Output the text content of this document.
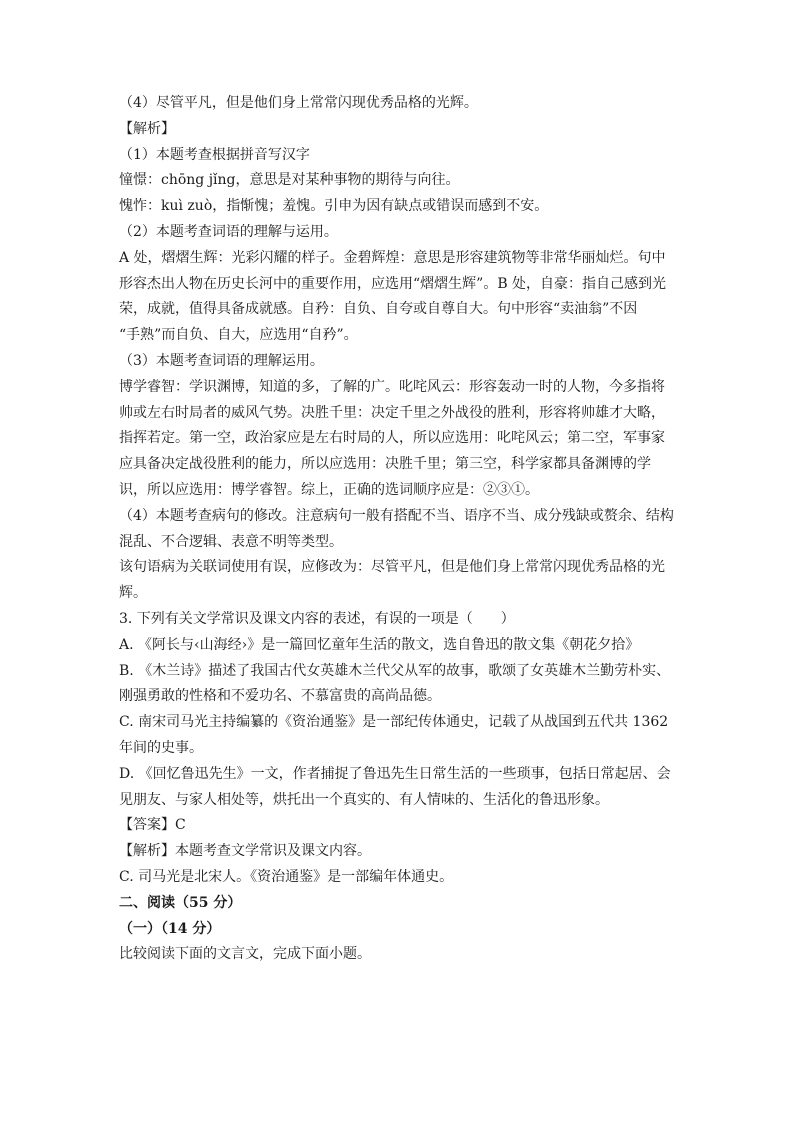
（4）尽管平凡，但是他们身上常常闪现优秀品格的光辉。
【解析】
（1）本题考查根据拼音写汉字
憧憬：chōng jǐng，意思是对某种事物的期待与向往。
愧怍：kuì zuò，指惭愧；羞愧。引申为因有缺点或错误而感到不安。
（2）本题考查词语的理解与运用。
A 处，熠熠生辉：光彩闪耀的样子。金碧辉煌：意思是形容建筑物等非常华丽灿烂。句中
形容杰出人物在历史长河中的重要作用，应选用“熠熠生辉”。B 处，自豪：指自己感到光
荣，成就，值得具备成就感。自矜：自负、自夸或自尊自大。句中形容“卖油翁”不因
“手熟”而自负、自大，应选用“自矜”。
（3）本题考查词语的理解运用。
博学睿智：学识渊博，知道的多，了解的广。叱咤风云：形容轰动一时的人物，今多指将
帅或左右时局者的威风气势。决胜千里：决定千里之外战役的胜利，形容将帅雄才大略，
指挥若定。第一空，政治家应是左右时局的人，所以应选用：叱咤风云；第二空，军事家
应具备决定战役胜利的能力，所以应选用：决胜千里；第三空，科学家都具备渊博的学
识，所以应选用：博学睿智。综上，正确的选词顺序应是：②③①。
（4）本题考查病句的修改。注意病句一般有搭配不当、语序不当、成分残缺或赘余、结构
混乱、不合逻辑、表意不明等类型。
该句语病为关联词使用有误，应修改为：尽管平凡，但是他们身上常常闪现优秀品格的光
辉。
3. 下列有关文学常识及课文内容的表述，有误的一项是（　　）
A. 《阿长与‹山海经›》是一篇回忆童年生活的散文，选自鲁迅的散文集《朝花夕拾》
B. 《木兰诗》描述了我国古代女英雄木兰代父从军的故事，歌颂了女英雄木兰勤劳朴实、
刚强勇敢的性格和不爱功名、不慕富贵的高尚品德。
C. 南宋司马光主持编纂的《资治通鉴》是一部纪传体通史，记载了从战国到五代共 1362
年间的史事。
D. 《回忆鲁迅先生》一文，作者捕捉了鲁迅先生日常生活的一些琐事，包括日常起居、会
见朋友、与家人相处等，烘托出一个真实的、有人情味的、生活化的鲁迅形象。
【答案】C
【解析】本题考查文学常识及课文内容。
C. 司马光是北宋人。《资治通鉴》是一部编年体通史。
二、阅读（55 分）
（一）（14 分）
比较阅读下面的文言文，完成下面小题。
